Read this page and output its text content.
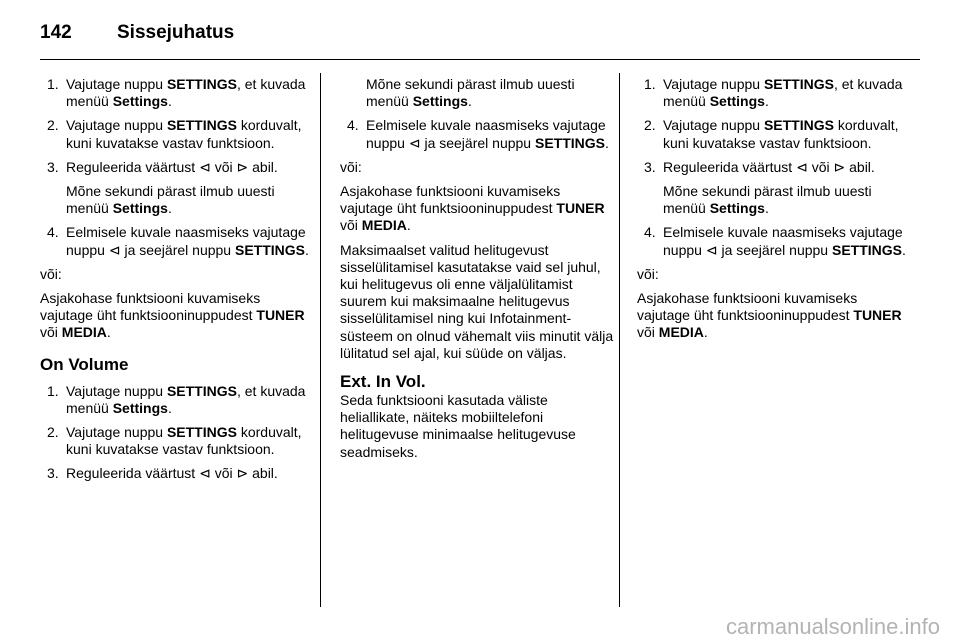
142 Sissejuhatus
1. Vajutage nuppu SETTINGS, et kuvada menüü Settings.
2. Vajutage nuppu SETTINGS korduvalt, kuni kuvatakse vastav funktsioon.
3. Reguleerida väärtust ⊲ või ⊳ abil.
Mõne sekundi pärast ilmub uuesti menüü Settings.
4. Eelmisele kuvale naasmiseks vajutage nuppu ⊲ ja seejärel nuppu SETTINGS.

või:

Asjakohase funktsiooni kuvamiseks vajutage üht funktsiooninuppudest TUNER või MEDIA.

On Volume
1. Vajutage nuppu SETTINGS, et kuvada menüü Settings.
2. Vajutage nuppu SETTINGS korduvalt, kuni kuvatakse vastav funktsioon.
3. Reguleerida väärtust ⊲ või ⊳ abil.
Mõne sekundi pärast ilmub uuesti menüü Settings.
4. Eelmisele kuvale naasmiseks vajutage nuppu ⊲ ja seejärel nuppu SETTINGS.

või:

Asjakohase funktsiooni kuvamiseks vajutage üht funktsiooninuppudest TUNER või MEDIA.

Maksimaalset valitud helitugevust sisselülitamisel kasutatakse vaid sel juhul, kui helitugevus oli enne väljalülitamist suurem kui maksimaalne helitugevus sisselülitamisel ning kui Infotainment-süsteem on olnud vähemalt viis minutit välja lülitatud sel ajal, kui süüde on väljas.

Ext. In Vol.

Seda funktsiooni kasutada väliste heliallikate, näiteks mobiiltelefoni helitugevuse minimaalse helitugevuse seadmiseks.

1. Vajutage nuppu SETTINGS, et kuvada menüü Settings.
2. Vajutage nuppu SETTINGS korduvalt, kuni kuvatakse vastav funktsioon.
3. Reguleerida väärtust ⊲ või ⊳ abil.
Mõne sekundi pärast ilmub uuesti menüü Settings.
4. Eelmisele kuvale naasmiseks vajutage nuppu ⊲ ja seejärel nuppu SETTINGS.

või:

Asjakohase funktsiooni kuvamiseks vajutage üht funktsiooninuppudest TUNER või MEDIA.

carmanualsonline.info
